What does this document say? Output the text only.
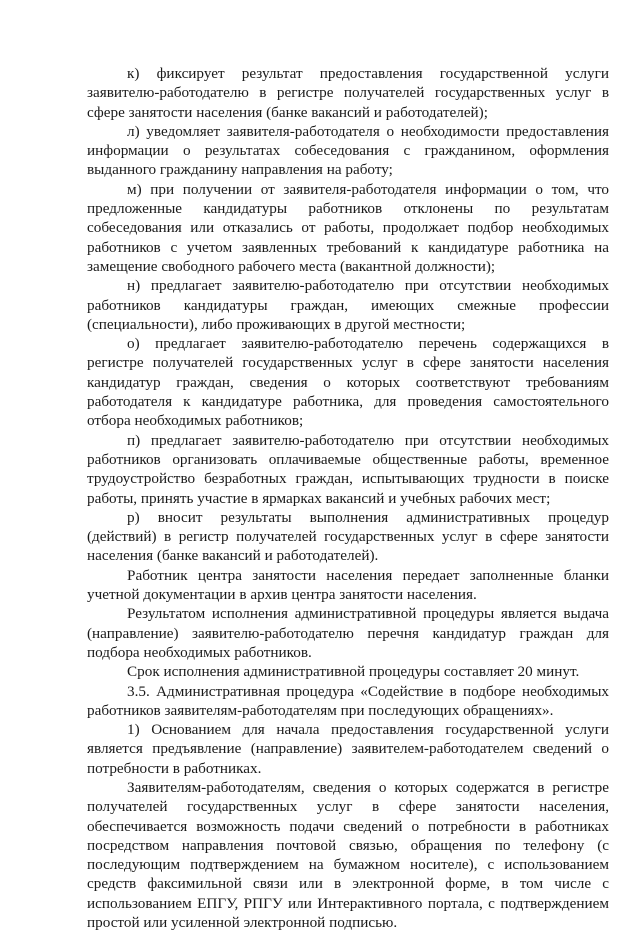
к) фиксирует результат предоставления государственной услуги заявителю-работодателю в регистре получателей государственных услуг в сфере занятости населения (банке вакансий и работодателей);

л) уведомляет заявителя-работодателя о необходимости предоставления информации о результатах собеседования с гражданином, оформления выданного гражданину направления на работу;

м) при получении от заявителя-работодателя информации о том, что предложенные кандидатуры работников отклонены по результатам собеседования или отказались от работы, продолжает подбор необходимых работников с учетом заявленных требований к кандидатуре работника на замещение свободного рабочего места (вакантной должности);

н) предлагает заявителю-работодателю при отсутствии необходимых работников кандидатуры граждан, имеющих смежные профессии (специальности), либо проживающих в другой местности;

о) предлагает заявителю-работодателю перечень содержащихся в регистре получателей государственных услуг в сфере занятости населения кандидатур граждан, сведения о которых соответствуют требованиям работодателя к кандидатуре работника, для проведения самостоятельного отбора необходимых работников;

п) предлагает заявителю-работодателю при отсутствии необходимых работников организовать оплачиваемые общественные работы, временное трудоустройство безработных граждан, испытывающих трудности в поиске работы, принять участие в ярмарках вакансий и учебных рабочих мест;

р) вносит результаты выполнения административных процедур (действий) в регистр получателей государственных услуг в сфере занятости населения (банке вакансий и работодателей).

Работник центра занятости населения передает заполненные бланки учетной документации в архив центра занятости населения.

Результатом исполнения административной процедуры является выдача (направление) заявителю-работодателю перечня кандидатур граждан для подбора необходимых работников.

Срок исполнения административной процедуры составляет 20 минут.

3.5. Административная процедура «Содействие в подборе необходимых работников заявителям-работодателям при последующих обращениях».

1) Основанием для начала предоставления государственной услуги является предъявление (направление) заявителем-работодателем сведений о потребности в работниках.

Заявителям-работодателям, сведения о которых содержатся в регистре получателей государственных услуг в сфере занятости населения, обеспечивается возможность подачи сведений о потребности в работниках посредством направления почтовой связью, обращения по телефону (с последующим подтверждением на бумажном носителе), с использованием средств факсимильной связи или в электронной форме, в том числе с использованием ЕПГУ, РПГУ или Интерактивного портала, с подтверждением простой или усиленной электронной подписью.
